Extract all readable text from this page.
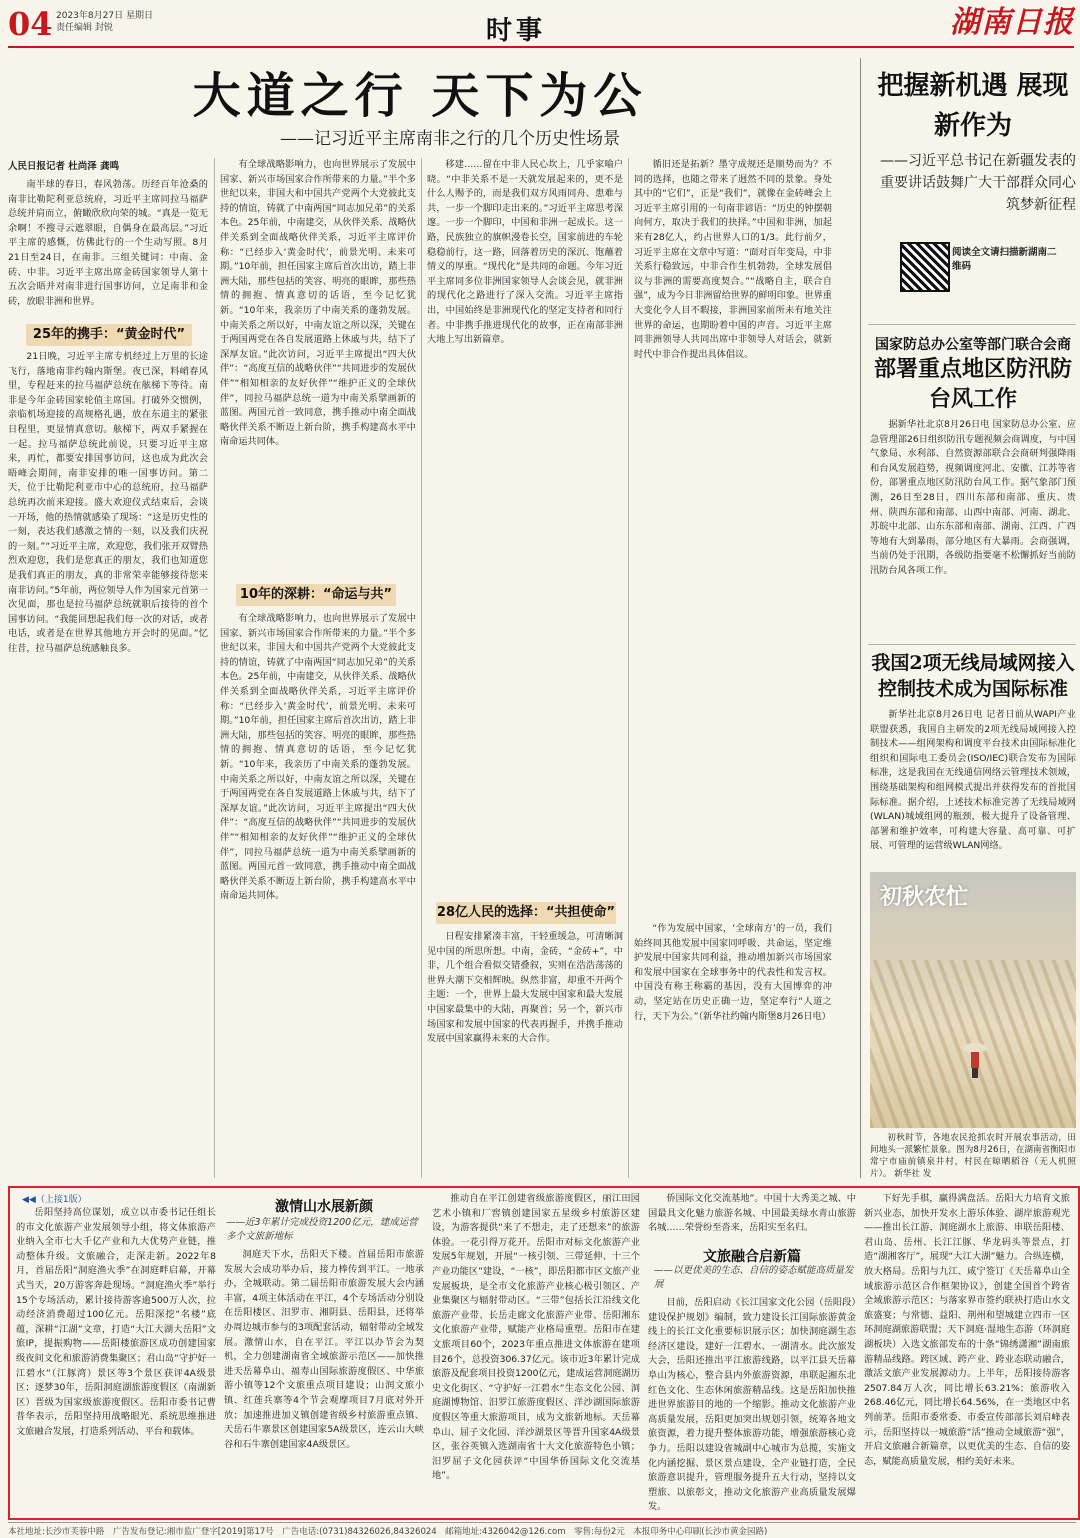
04 2023年8月27日 星期日
责任编辑 封锐	时事	湖南日报
大道之行 天下为公
——记习近平主席南非之行的几个历史性场景
人民日报记者 杜尚泽 龚鸣

南半球的春日，春风勃荡。历经百年沧桑的南非比勒陀利亚总统府，习近平主席同拉马福萨总统并肩而立，俯瞰欣欣向荣的城。“真是一览无余啊！不搜寻云遮翠眼，自偶身在最高层。”习近平主席的感慨，仿佛此行的一个生动写照。8月21日至24日，在南非。三组关键词：中南、金砖、中非。习近平主席出席金砖国家领导人第十五次会晤并对南非进行国事访问，立足南非和金砖，放眼非洲和世界。

25年的携手：“黄金时代”

21日晚，习近平主席专机经过上万里的长途飞行，落地南非约翰内斯堡。夜已深，料峭春风里，专程赶来的拉马福萨总统在舷梯下等待。南非是今年金砖国家轮值主席国。打破外交惯例，亲临机场迎接的高规格礼遇，放在东道主的紧张日程里，更显情真意切。舷梯下，两双手紧握在一起。拉马福萨总统此前说，只要习近平主席来，再忙，都要安排国事访问，这也成为此次会晤峰会期间，南非安排的唯一国事访问。第二天，位于比勒陀利亚市中心的总统府，拉马福萨总统再次前来迎接。盛大欢迎仪式结束后，会谈一开场，他的热情就感染了现场：“这是历史性的一刻，表达我们感激之情的一刻，以及我们庆祝的一刻。”“习近平主席，欢迎您，我们张开双臂热烈欢迎您，我们是您真正的朋友，我们也知道您是我们真正的朋友，真的非常荣幸能够接待您来南非访问。”5年前，两位领导人作为国家元首第一次见面，那也是拉马福萨总统就职后接待的首个国事访问。“我能回想起我们每一次的对话，或者电话，或者是在世界其他地方开会时的见面。”忆往昔，拉马福萨总统感触良多。

有全球战略影响力，也向世界展示了发展中国家、新兴市场国家合作所带来的力量。”半个多世纪以来，非国大和中国共产党两个大党彼此支持的情谊，铸就了中南两国“同志加兄弟”的关系本色。25年前，中南建交，从伙伴关系、战略伙伴关系到全面战略伙伴关系，习近平主席评价称：“已经步入‘黄金时代’，前景光明、未来可期。”10年前，担任国家主席后首次出访，踏上非洲大陆，那些包括的笑容、明亮的眼眸，那些热情的拥抱、情真意切的话语，至今记忆犹新。“10年来，我亲历了中南关系的蓬勃发展。中南关系之所以好，中南友谊之所以深，关键在于两国两党在各自发展道路上休戚与共，结下了深厚友谊。”此次访问，习近平主席提出“四大伙伴”：“高度互信的战略伙伴”“共同进步的发展伙伴”“相知相亲的友好伙伴”“维护正义的全球伙伴”，同拉马福萨总统一道为中南关系擘画新的蓝图。两国元首一致同意，携手推动中南全面战略伙伴关系不断迈上新台阶，携手构建高水平中南命运共同体。

10年的深耕：“命运与共”

有全球战略影响力，也向世界展示了发展中国家、新兴市场国家合作所带来的力量。”半个多世纪以来，非国大和中国共产党两个大党彼此支持的情谊，铸就了中南两国“同志加兄弟”的关系本色。25年前，中南建交，从伙伴关系、战略伙伴关系到全面战略伙伴关系，习近平主席评价称：“已经步入‘黄金时代’，前景光明、未来可期。”10年前，担任国家主席后首次出访，踏上非洲大陆，那些包括的笑容、明亮的眼眸，那些热情的拥抱、情真意切的话语，至今记忆犹新。“10年来，我亲历了中南关系的蓬勃发展。中南关系之所以好，中南友谊之所以深，关键在于两国两党在各自发展道路上休戚与共，结下了深厚友谊。”此次访问，习近平主席提出“四大伙伴”：“高度互信的战略伙伴”“共同进步的发展伙伴”“相知相亲的友好伙伴”“维护正义的全球伙伴”，同拉马福萨总统一道为中南关系擘画新的蓝图。两国元首一致同意，携手推动中南全面战略伙伴关系不断迈上新台阶，携手构建高水平中南命运共同体。

移建……留在中非人民心坎上，几乎家喻户晓。“中非关系不是一天就发展起来的，更不是什么人赐予的，而是我们双方风雨同舟、患难与共，一步一个脚印走出来的。”习近平主席思考深邃。一步一个脚印，中国和非洲一起成长。这一路，民族独立的旗帜漫卷长空，国家前进的车轮稳稳前行，这一路，回落着历史的深沉、饱蘸着情义的厚重。“现代化”是共同的命题。今年习近平主席同多位非洲国家领导人会谈会见，就非洲的现代化之路进行了深入交流。习近平主席指出，中国始终是非洲现代化的坚定支持者和同行者。中非携手推进现代化的故事，正在南部非洲大地上写出新篇章。

28亿人民的选择：“共担使命”

日程安排紧凑丰富，干轻重缓急，可清晰洞见中国的所思所想。中南，金砖，“金砖+”，中非，几个组合看似交错叠叙，实则在浩浩荡荡的世界大潮下交相辉映。纵然非富，却重不开两个主题：一个，世界上最大发展中国家和最大发展中国家最集中的大陆，再聚首；另一个，新兴市场国家和发展中国家的代表再握手，并携手推动发展中国家赢得未来的大合作。

循旧还是拓新？墨守成规还是顺势而为？不同的选择，也随之带来了迥然不同的景象。身处其中的“它们”，正是“我们”，就像在金砖峰会上习近平主席引用的一句南非谚语：“历史的钟摆朝向何方，取决于我们的抉择。”中国和非洲，加起来有28亿人，约占世界人口的1/3。此行前夕，习近平主席在文章中写道：“面对百年变局，中非关系行稳致远，中非合作生机勃勃，全球发展倡议与非洲的需要高度契合。”“战略自主，联合自强”，成为今日非洲留给世界的鲜明印象。世界重大变化令人目不暇接，非洲国家前所未有地关注世界的命运，也期盼着中国的声音。习近平主席同非洲领导人共同出席中非领导人对话会，就新时代中非合作提出具体倡议。

“作为发展中国家，‘全球南方’的一员，我们始终同其他发展中国家同呼吸、共命运，坚定维护发展中国家共同利益，推动增加新兴市场国家和发展中国家在全球事务中的代表性和发言权。中国没有称王称霸的基因，没有大国博弈的冲动，坚定站在历史正确一边，坚定奉行“人道之行，天下为公。”（新华社约翰内斯堡8月26日电）

把握新机遇 展现新作为
——习近平总书记在新疆发表的重要讲话鼓舞广大干部群众同心筑梦新征程
阅读全文请扫描新湖南二维码
国家防总办公室等部门联合会商
部署重点地区防汛防台风工作

据新华社北京8月26日电 国家防总办公室、应急管理部26日组织防汛专题视频会商调度，与中国气象局、水利部、自然资源部联合会商研判强降雨和台风发展趋势，视频调度河北、安徽、江苏等省份，部署重点地区防汛防台风工作。据气象部门预测，26日至28日，四川东部和南部、重庆、贵州、陕西东部和南部、山西中南部、河南、湖北、苏皖中北部、山东东部和南部、湖南、江西、广西等地有大到暴雨，部分地区有大暴雨。会商强调，当前仍处于汛期，各级防指要毫不松懈抓好当前防汛防台风各项工作。

我国2项无线局域网接入控制技术成为国际标准

新华社北京8月26日电 记者日前从WAPI产业联盟获悉，我国自主研发的2项无线局域网接入控制技术——组网架构和调度平台技术由国际标准化组织和国际电工委员会(ISO/IEC)联合发布为国际标准，这是我国在无线通信网络云管理技术领域，围绕基础架构和组网模式提出并获得发布的首批国际标准。据介绍，上述技术标准完善了无线局域网(WLAN)城域组网的瓶颈，极大提升了设备管理、部署和维护效率，可构建大容量、高可靠、可扩展、可管理的运营级WLAN网络。

初秋农忙

初秋时节，各地农民抢抓农时开展农事活动，田间地头一派繁忙景象。图为8月26日，在湖南省衡阳市常宁市庙前镇泉井村，村民在晾晒稻谷（无人机照片）。 新华社 发

◀◀（上接1版）

岳阳坚持高位谋划，成立以市委书记任组长的市文化旅游产业发展领导小组，将文体旅游产业纳入全市七大千亿产业和九大优势产业链，推动整体升级。文旅融合，走深走新。2022年8月，首届岳阳“洞庭渔火季”在洞庭畔启幕，开幕式当天，20万游客奔赴现场。“洞庭渔火季”举行15个专场活动，累计接待游客逾500万人次，拉动经济消费超过100亿元。岳阳深挖“名楼”底蕴，深耕“江湖”文章，打造“大江大湖大岳阳”文旅IP，提振购物——岳阳楼旅游区成功创建国家级夜间文化和旅游消费集聚区；君山岛“守护好一江碧水”（江豚湾）景区等3个景区获评4A级景区；逐梦30年，岳阳洞庭湖旅游度假区（南湖新区）晋级为国家级旅游度假区。岳阳市委书记曹普华表示，岳阳坚持用战略眼光、系统思维推进文旅融合发展，打造系列活动、平台和载体。

激情山水展新颜
——近3年累计完成投资1200亿元，建成运营多个文旅新地标

洞庭天下水，岳阳天下楼。首届岳阳市旅游发展大会成功举办后，接力棒传到平江。一地承办，全城联动。第二届岳阳市旅游发展大会内涵丰富，4项主体活动在平江，4个专场活动分别设在岳阳楼区、汨罗市、湘阴县、岳阳县，还将举办周边城市参与的3项配套活动，辐射带动全域发展。激情山水，自在平江。平江以办节会为契机，全力创建湖南省全域旅游示范区——加快推进天岳幕阜山、福寿山国际旅游度假区、中华旅游小镇等12个文旅重点项目建设；山润文旅小镇、红莲兵寨等4个节会观摩项目7月底对外开放；加速推进加义镇创建省级乡村旅游重点镇、天岳石牛寨景区创建国家5A级景区，连云山大峡谷和石牛寨创建国家4A级景区。

推动自在平江创建省级旅游度假区，丽江田园艺术小镇和厂窖镇创建国家五星级乡村旅游区建设，为游客提供“来了不想走，走了还想来”的旅游体验。一花引得万花开。岳阳市对标文化旅游产业发展5年规划，开展“一核引领、三带延伸、十三个产业功能区”建设，“一核”，即岳阳都市区文旅产业发展板块，是全市文化旅游产业核心极引领区、产业集聚区与辐射带动区。“三带”包括长江沿线文化旅游产业带、长岳走廊文化旅游产业带、岳阳湘东文化旅游产业带，赋能产业格局重塑。岳阳市在建文旅项目60个，2023年重点推进文体旅游在建项目26个，总投资306.37亿元。该市近3年累计完成旅游及配套项目投资1200亿元，建成运营洞庭湖历史文化街区、“守护好一江碧水”生态文化公园、洞庭湖博物馆、汨罗江旅游度假区、洋沙湖国际旅游度假区等重大旅游项目，成为文旅新地标。天岳幕阜山、屈子文化园、洋沙湖景区等晋升国家4A级景区，张谷英镇入选湖南省十大文化旅游特色小镇；汨罗屈子文化园获评“中国华侨国际文化交流基地”。

侨国际文化交流基地”。中国十大秀美之城、中国最具文化魅力旅游名城、中国最美绿水青山旅游名城……荣誉纷至沓来，岳阳实至名归。

文旅融合启新篇
——以更优美的生态、自信的姿态赋能高质量发展

目前，岳阳启动《长江国家文化公园（岳阳段）建设保护规划》编制，致力建设长江国际旅游黄金线上的长江文化重要标识展示区；加快洞庭湖生态经济区建设，建好一江碧水、一湖清水。此次旅发大会，岳阳还推出平江旅游线路，以平江县天岳幕阜山为核心，整合县内外旅游资源，串联起湘东北红色文化、生态休闲旅游精品线。这是岳阳加快推进世界旅游目的地的一个缩影。推动文化旅游产业高质量发展，岳阳更加突出规划引领，统筹各地文旅资源，着力提升整体旅游功能，增强旅游核心竞争力。岳阳以建设省城副中心城市为总揽，实施文化内涵挖掘、景区景点建设，全产业链打造，全民旅游意识提升，管理服务提升五大行动，坚持以文塑旅、以旅彰文，推动文化旅游产业高质量发展爆发。

下好先手棋，赢得满盘活。岳阳大力培育文旅新兴业态，加快开发水上游乐体验、湖岸旅游观光——推出长江游、洞庭湖水上旅游、串联岳阳楼、君山岛、岳州、长江江豚、华龙码头等景点，打造“湖湘客厅”，展现“大江大湖”魅力。合纵连横，放大格局。岳阳与九江、咸宁签订《天岳幕阜山全域旅游示范区合作框架协议》，创建全国首个跨省全域旅游示范区；与落家界市签约联袂打造山水文旅盛宴；与常德、益阳、荆州和望城建立四市一区环洞庭湖旅游联盟；天下洞庭·湿地生态游（环洞庭湖板块）入选文旅部发布的十条“锦绣潇湘”湖南旅游精品线路。跨区域、跨产业、跨业态联动融合，激活文旅产业发展源动力。上半年，岳阳接待游客2507.84万人次，同比增长63.21%；旅游收入268.46亿元，同比增长64.56%，在一类地区中名列前茅。岳阳市委常委、市委宣传部部长刘启峰表示，岳阳坚持以一城旅游“活”推动全域旅游“强”，开启文旅融合新篇章，以更优美的生态、自信的姿态，赋能高质量发展，相约美好未来。

本社地址:长沙市芙蓉中路　广告发布登记:湘市监广登字[2019]第17号　广告电话:(0731)84326026,84326024　邮箱地址:4326042@126.com　零售:每份2元　本报印务中心印刷(长沙市黄金园路)
